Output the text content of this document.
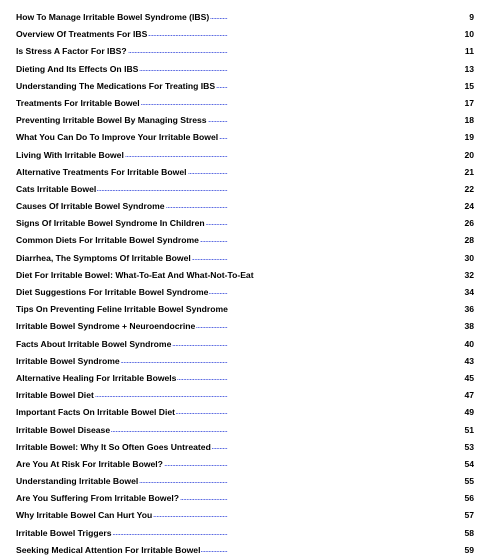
. . . How To Manage Irritable Bowel Syndrome (IBS)	9
. . . Overview Of Treatments For IBS	10
. . . Is Stress A Factor For IBS?	11
. . . Dieting And Its Effects On IBS	13
. . . Understanding The Medications For Treating IBS	15
. . . Treatments For Irritable Bowel	17
. . . Preventing Irritable Bowel By Managing Stress	18
. . . What You Can Do To Improve Your Irritable Bowel	19
. . . Living With Irritable Bowel	20
. . . Alternative Treatments For Irritable Bowel	21
. . . Cats Irritable Bowel	22
. . . Causes Of Irritable Bowel Syndrome	24
. . . Signs Of Irritable Bowel Syndrome In Children	26
. . . Common Diets For Irritable Bowel Syndrome	28
. . . Diarrhea, The Symptoms Of Irritable Bowel	30
. . . Diet For Irritable Bowel: What-To-Eat And What-Not-To-Eat	32
. . . Diet Suggestions For Irritable Bowel Syndrome	34
. . . Tips On Preventing Feline Irritable Bowel Syndrome	36
. . . Irritable Bowel Syndrome + Neuroendocrine	38
. . . Facts About Irritable Bowel Syndrome	40
. . . Irritable Bowel Syndrome	43
. . . Alternative Healing For Irritable Bowels	45
. . . Irritable Bowel Diet	47
. . . Important Facts On Irritable Bowel Diet	49
. . . Irritable Bowel Disease	51
. . . Irritable Bowel: Why It So Often Goes Untreated	53
. . . Are You At Risk For Irritable Bowel?	54
. . . Understanding Irritable Bowel	55
. . . Are You Suffering From Irritable Bowel?	56
. . . Why Irritable Bowel Can Hurt You	57
. . . Irritable Bowel Triggers	58
. . . Seeking Medical Attention For Irritable Bowel	59
